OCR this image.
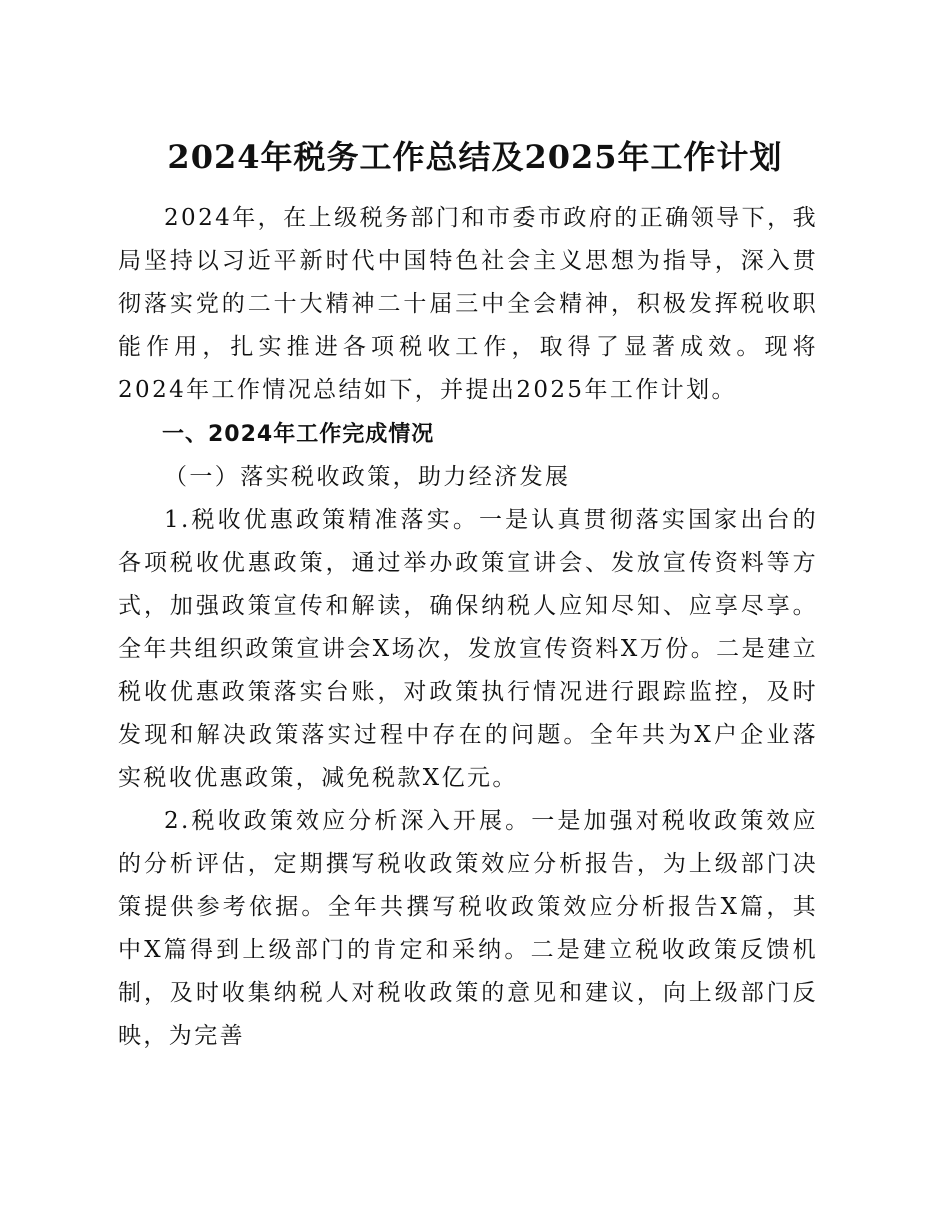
2024年税务工作总结及2025年工作计划

2024年，在上级税务部门和市委市政府的正确领导下，我局坚持以习近平新时代中国特色社会主义思想为指导，深入贯彻落实党的二十大精神二十届三中全会精神，积极发挥税收职能作用，扎实推进各项税收工作，取得了显著成效。现将2024年工作情况总结如下，并提出2025年工作计划。

一、2024年工作完成情况

（一）落实税收政策，助力经济发展

1.税收优惠政策精准落实。一是认真贯彻落实国家出台的各项税收优惠政策，通过举办政策宣讲会、发放宣传资料等方式，加强政策宣传和解读，确保纳税人应知尽知、应享尽享。全年共组织政策宣讲会X场次，发放宣传资料X万份。二是建立税收优惠政策落实台账，对政策执行情况进行跟踪监控，及时发现和解决政策落实过程中存在的问题。全年共为X户企业落实税收优惠政策，减免税款X亿元。

2.税收政策效应分析深入开展。一是加强对税收政策效应的分析评估，定期撰写税收政策效应分析报告，为上级部门决策提供参考依据。全年共撰写税收政策效应分析报告X篇，其中X篇得到上级部门的肯定和采纳。二是建立税收政策反馈机制，及时收集纳税人对税收政策的意见和建议，向上级部门反映，为完善
